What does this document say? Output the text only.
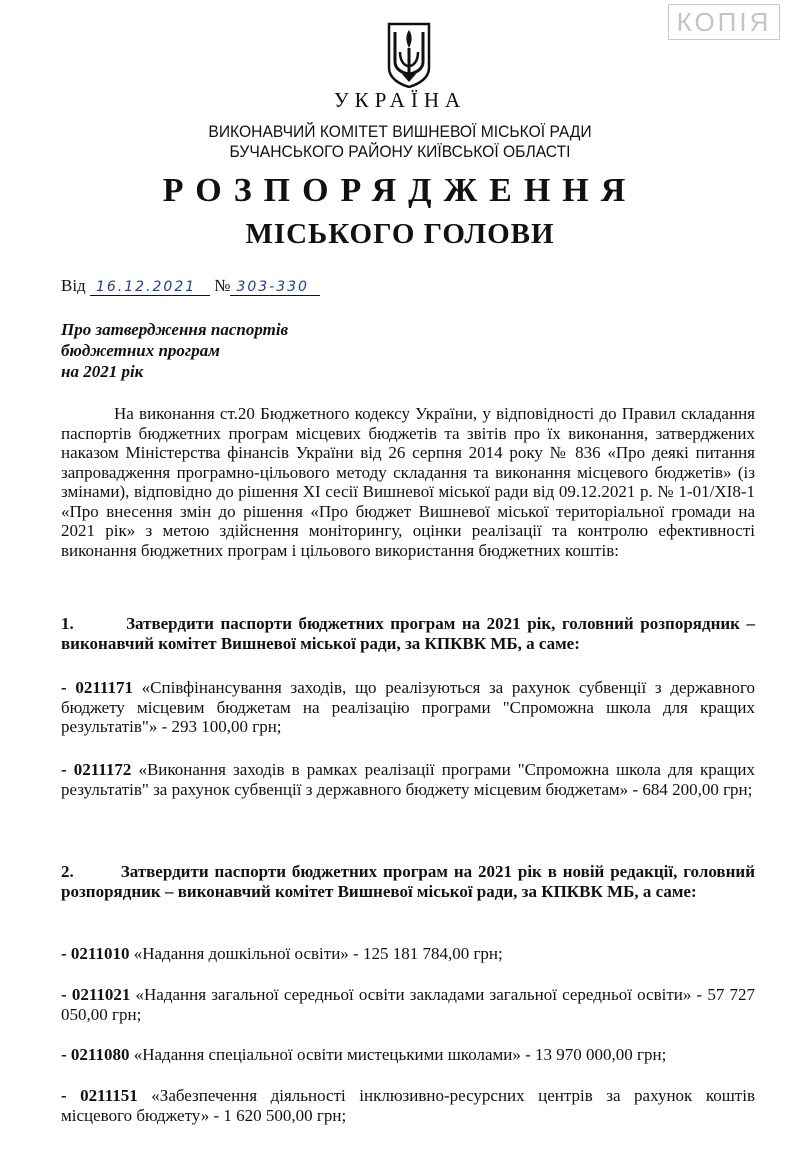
КОПІЯ
УКРАЇНА
ВИКОНАВЧИЙ КОМІТЕТ ВИШНЕВОЇ МІСЬКОЇ РАДИ
БУЧАНСЬКОГО РАЙОНУ КИЇВСЬКОЇ ОБЛАСТІ
РОЗПОРЯДЖЕННЯ
МІСЬКОГО ГОЛОВИ
Від 16.12.2021 № 303-330
Про затвердження паспортів
бюджетних програм
на 2021 рік
На виконання ст.20 Бюджетного кодексу України, у відповідності до Правил складання паспортів бюджетних програм місцевих бюджетів та звітів про їх виконання, затверджених наказом Міністерства фінансів України від 26 серпня 2014 року № 836 «Про деякі питання запровадження програмно-цільового методу складання та виконання місцевого бюджетів» (із змінами), відповідно до рішення ХІ сесії Вишневої міської ради від 09.12.2021 р. № 1-01/ХІ8-1 «Про внесення змін до рішення «Про бюджет Вишневої міської територіальної громади на 2021 рік» з метою здійснення моніторингу, оцінки реалізації та контролю ефективності виконання бюджетних програм і цільового використання бюджетних коштів:
1.	Затвердити паспорти бюджетних програм на 2021 рік, головний розпорядник – виконавчий комітет Вишневої міської ради, за КПКВК МБ, а саме:
- 0211171 «Співфінансування заходів, що реалізуються за рахунок субвенції з державного бюджету місцевим бюджетам на реалізацію програми "Спроможна школа для кращих результатів"» - 293 100,00 грн;
- 0211172 «Виконання заходів в рамках реалізації програми "Спроможна школа для кращих результатів" за рахунок субвенції з державного бюджету місцевим бюджетам» - 684 200,00 грн;
2.	Затвердити паспорти бюджетних програм на 2021 рік в новій редакції, головний розпорядник – виконавчий комітет Вишневої міської ради, за КПКВК МБ, а саме:
- 0211010 «Надання дошкільної освіти» - 125 181 784,00 грн;
- 0211021 «Надання загальної середньої освіти закладами загальної середньої освіти» - 57 727 050,00 грн;
- 0211080 «Надання спеціальної освіти мистецькими школами» - 13 970 000,00 грн;
- 0211151 «Забезпечення діяльності інклюзивно-ресурсних центрів за рахунок коштів місцевого бюджету» - 1 620 500,00 грн;
